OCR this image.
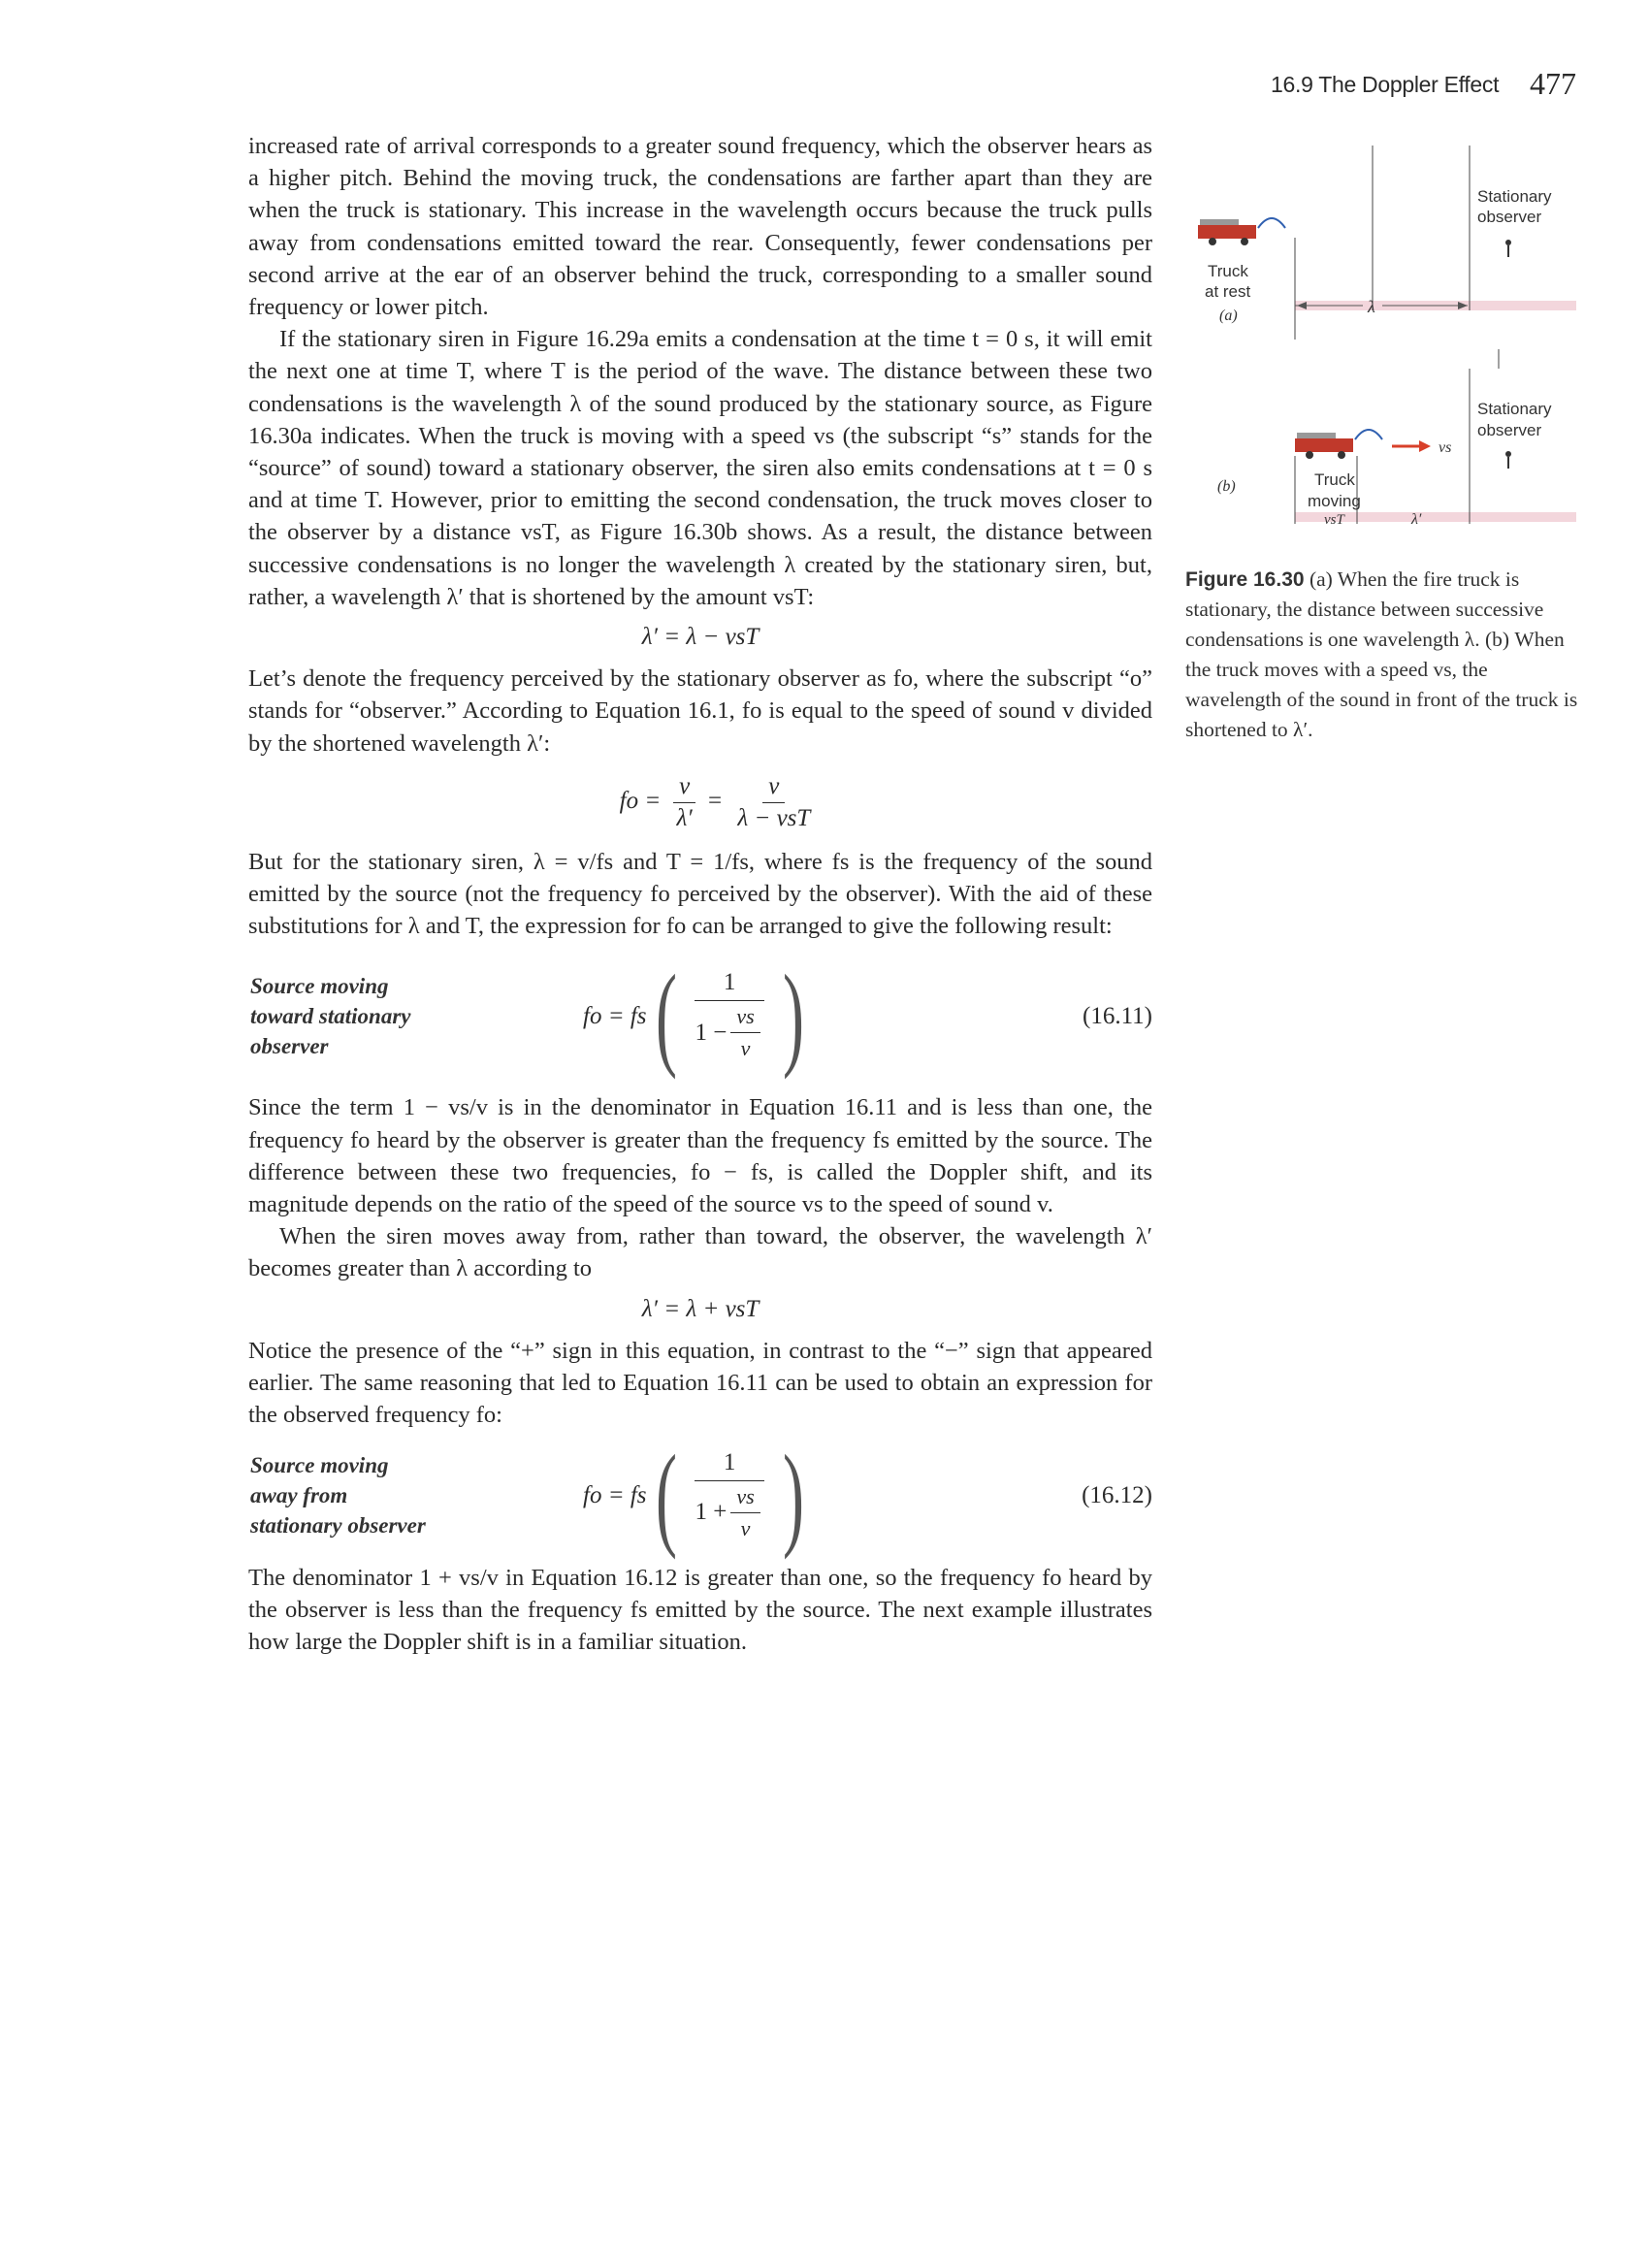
16.9 The Doppler Effect 477

increased rate of arrival corresponds to a greater sound frequency, which the observer hears as a higher pitch. Behind the moving truck, the condensations are farther apart than they are when the truck is stationary. This increase in the wavelength occurs because the truck pulls away from condensations emitted toward the rear. Consequently, fewer condensations per second arrive at the ear of an observer behind the truck, corresponding to a smaller sound frequency or lower pitch.

If the stationary siren in Figure 16.29a emits a condensation at the time t = 0 s, it will emit the next one at time T, where T is the period of the wave. The distance between these two condensations is the wavelength λ of the sound produced by the stationary source, as Figure 16.30a indicates. When the truck is moving with a speed vs (the subscript “s” stands for the “source” of sound) toward a stationary observer, the siren also emits condensations at t = 0 s and at time T. However, prior to emitting the second condensation, the truck moves closer to the observer by a distance vsT, as Figure 16.30b shows. As a result, the distance between successive condensations is no longer the wavelength λ created by the stationary siren, but, rather, a wavelength λ′ that is shortened by the amount vsT:

λ′ = λ − vsT

Let’s denote the frequency perceived by the stationary observer as fo, where the subscript “o” stands for “observer.” According to Equation 16.1, fo is equal to the speed of sound v divided by the shortened wavelength λ′:

fo = $\frac{v}{\lambda'} = \frac{v}{\text{λ − vsT}}$

But for the stationary siren, λ = v/fs and T = 1/fs, where fs is the frequency of the sound emitted by the source (not the frequency fo perceived by the observer). With the aid of these substitutions for λ and T, the expression for fo can be arranged to give the following result:

Source moving
toward stationary
observer
fo = fs ( $\frac{1}{1 - \frac{vs}{v}}$ )	(16.11)

Since the term 1 − vs/v is in the denominator in Equation 16.11 and is less than one, the frequency fo heard by the observer is greater than the frequency fs emitted by the source. The difference between these two frequencies, fo − fs, is called the Doppler shift, and its magnitude depends on the ratio of the speed of the source vs to the speed of sound v.

When the siren moves away from, rather than toward, the observer, the wavelength λ′ becomes greater than λ according to

λ′ = λ + vsT

Notice the presence of the “+” sign in this equation, in contrast to the “−” sign that appeared earlier. The same reasoning that led to Equation 16.11 can be used to obtain an expression for the observed frequency fo:

Source moving
away from
stationary observer
fo = fs ( $\frac{1}{1 + \frac{vs}{v}}$ )	(16.12)

The denominator 1 + vs/v in Equation 16.12 is greater than one, so the frequency fo heard by the observer is less than the frequency fs emitted by the source. The next example illustrates how large the Doppler shift is in a familiar situation.

λ
Stationary
observer
Truck
at rest
(a)
Stationary
observer
vs
Truck
moving
(b)
vsT	λ′
Figure 16.30 (a) When the fire truck is stationary, the distance between successive condensations is one wavelength λ. (b) When the truck moves with a speed vs, the wavelength of the sound in front of the truck is shortened to λ′.
